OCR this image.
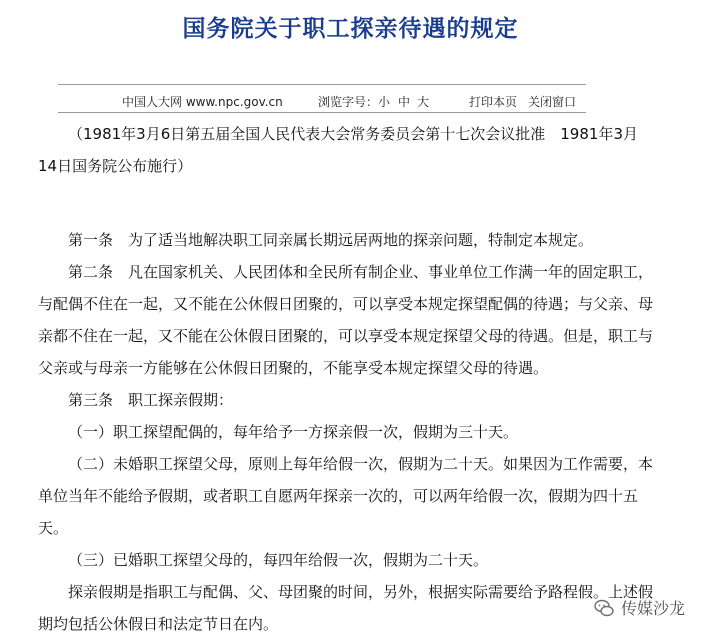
国务院关于职工探亲待遇的规定
中国人大网 www.npc.gov.cn	浏览字号： 小 中 大	打印本页 关闭窗口

（1981年3月6日第五届全国人民代表大会常务委员会第十七次会议批准　1981年3月14日国务院公布施行）

第一条　为了适当地解决职工同亲属长期远居两地的探亲问题，特制定本规定。

第二条　凡在国家机关、人民团体和全民所有制企业、事业单位工作满一年的固定职工，与配偶不住在一起，又不能在公休假日团聚的，可以享受本规定探望配偶的待遇；与父亲、母亲都不住在一起，又不能在公休假日团聚的，可以享受本规定探望父母的待遇。但是，职工与父亲或与母亲一方能够在公休假日团聚的，不能享受本规定探望父母的待遇。

第三条　职工探亲假期：

（一）职工探望配偶的，每年给予一方探亲假一次，假期为三十天。

（二）未婚职工探望父母，原则上每年给假一次，假期为二十天。如果因为工作需要，本单位当年不能给予假期，或者职工自愿两年探亲一次的，可以两年给假一次，假期为四十五天。

（三）已婚职工探望父母的，每四年给假一次，假期为二十天。

探亲假期是指职工与配偶、父、母团聚的时间，另外，根据实际需要给予路程假。上述假期均包括公休假日和法定节日在内。

传媒沙龙
